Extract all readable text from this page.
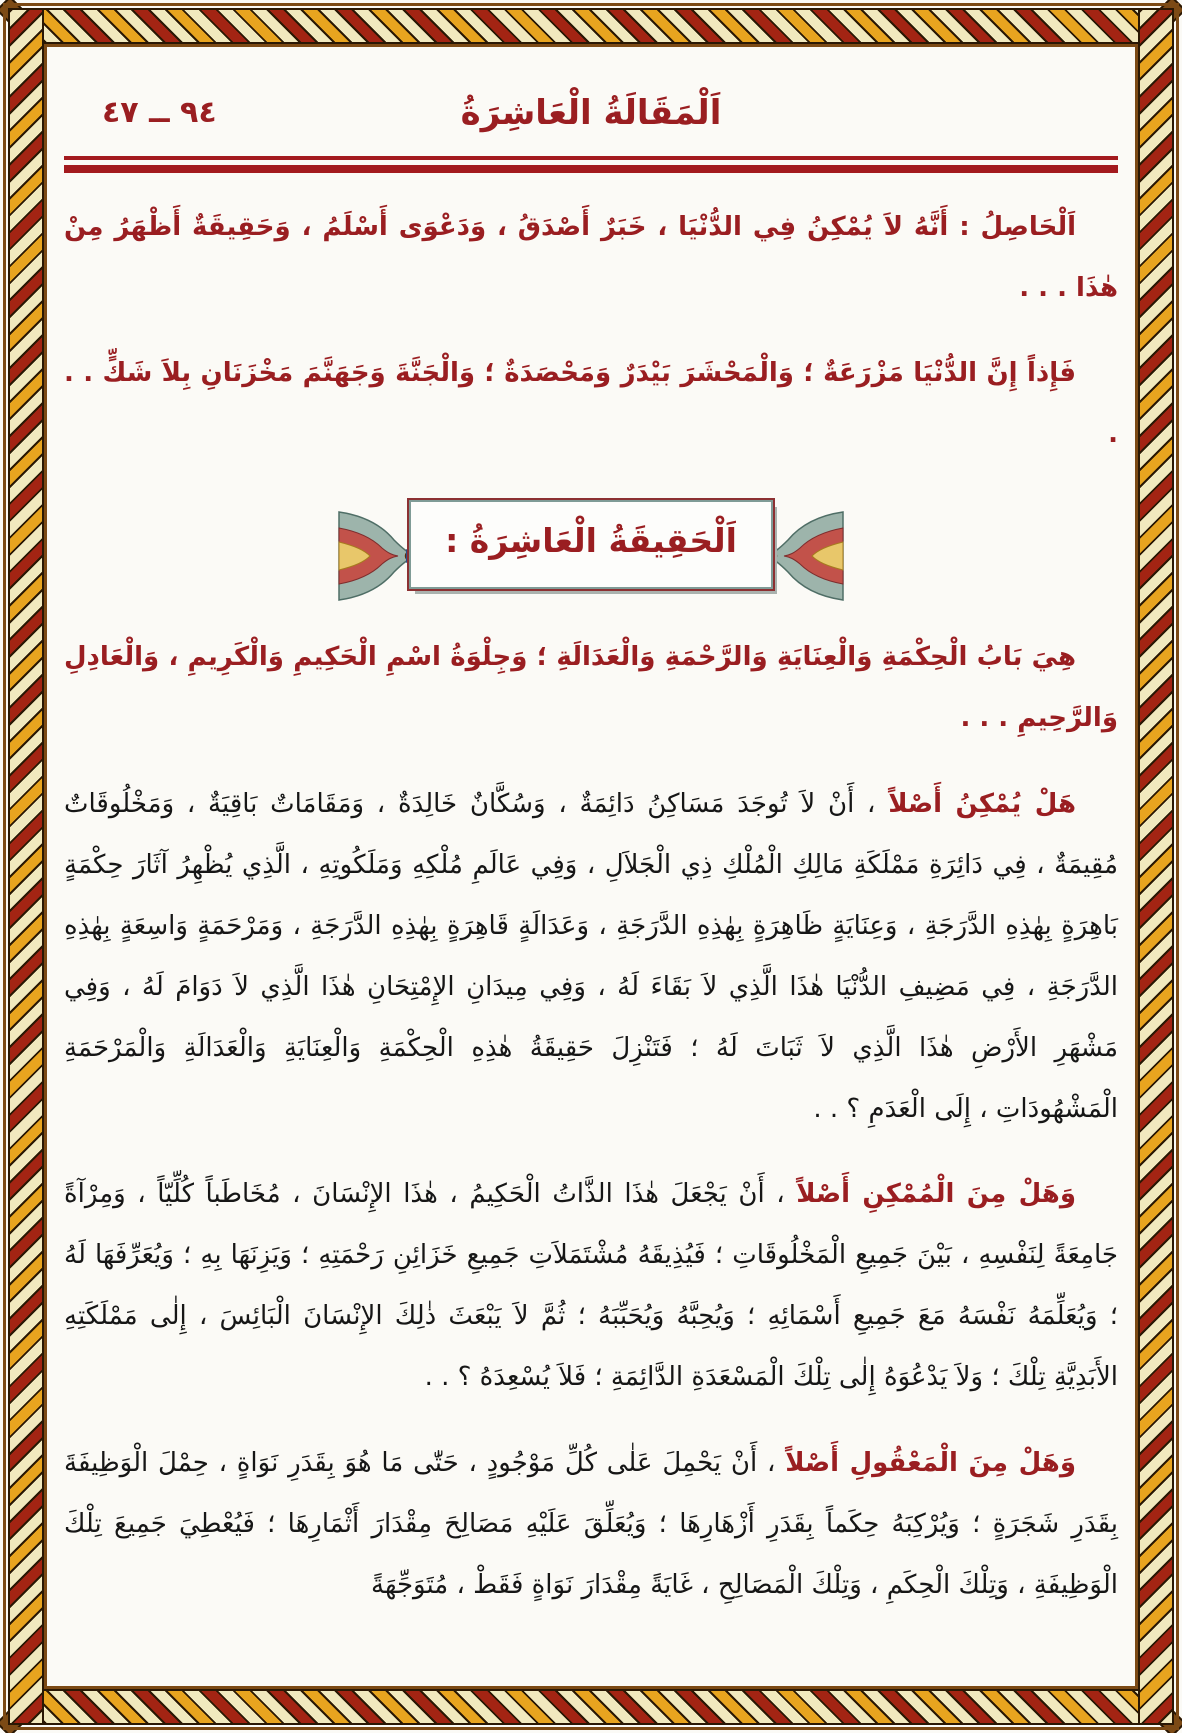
٩٤ ــ ٤٧	اَلْمَقَالَةُ الْعَاشِرَةُ

اَلْحَاصِلُ : أَنَّهُ لاَ يُمْكِنُ فِي الدُّنْيَا ، خَبَرٌ أَصْدَقُ ، وَدَعْوَى أَسْلَمُ ، وَحَقِيقَةٌ أَظْهَرُ مِنْ هٰذَا . . .

فَإِذاً إِنَّ الدُّنْيَا مَزْرَعَةٌ ؛ وَالْمَحْشَرَ بَيْدَرٌ وَمَحْصَدَةٌ ؛ وَالْجَنَّةَ وَجَهَنَّمَ مَخْزَنَانِ بِلاَ شَكٍّ . . .

اَلْحَقِيقَةُ الْعَاشِرَةُ :

هِيَ بَابُ الْحِكْمَةِ وَالْعِنَايَةِ وَالرَّحْمَةِ وَالْعَدَالَةِ ؛ وَجِلْوَةُ اسْمِ الْحَكِيمِ وَالْكَرِيمِ ، وَالْعَادِلِ وَالرَّحِيمِ . . .

هَلْ يُمْكِنُ أَصْلاً ، أَنْ لاَ تُوجَدَ مَسَاكِنُ دَائِمَةٌ ، وَسُكَّانٌ خَالِدَةٌ ، وَمَقَامَاتٌ بَاقِيَةٌ ، وَمَخْلُوقَاتٌ مُقِيمَةٌ ، فِي دَائِرَةِ مَمْلَكَةِ مَالِكِ الْمُلْكِ ذِي الْجَلاَلِ ، وَفِي عَالَمِ مُلْكِهِ وَمَلَكُوتِهِ ، الَّذِي يُظْهِرُ آثَارَ حِكْمَةٍ بَاهِرَةٍ بِهٰذِهِ الدَّرَجَةِ ، وَعِنَايَةٍ ظَاهِرَةٍ بِهٰذِهِ الدَّرَجَةِ ، وَعَدَالَةٍ قَاهِرَةٍ بِهٰذِهِ الدَّرَجَةِ ، وَمَرْحَمَةٍ وَاسِعَةٍ بِهٰذِهِ الدَّرَجَةِ ، فِي مَضِيفِ الدُّنْيَا هٰذَا الَّذِي لاَ بَقَاءَ لَهُ ، وَفِي مِيدَانِ الإِمْتِحَانِ هٰذَا الَّذِي لاَ دَوَامَ لَهُ ، وَفِي مَشْهَرِ الأَرْضِ هٰذَا الَّذِي لاَ ثَبَاتَ لَهُ ؛ فَتَنْزِلَ حَقِيقَةُ هٰذِهِ الْحِكْمَةِ وَالْعِنَايَةِ وَالْعَدَالَةِ وَالْمَرْحَمَةِ الْمَشْهُودَاتِ ، إِلَى الْعَدَمِ ؟ . .

وَهَلْ مِنَ الْمُمْكِنِ أَصْلاً ، أَنْ يَجْعَلَ هٰذَا الذَّاتُ الْحَكِيمُ ، هٰذَا الإِنْسَانَ ، مُخَاطَباً كُلِّيّاً ، وَمِرْآةً جَامِعَةً لِنَفْسِهِ ، بَيْنَ جَمِيعِ الْمَخْلُوقَاتِ ؛ فَيُذِيقَهُ مُشْتَمَلاَتِ جَمِيعِ خَزَائِنِ رَحْمَتِهِ ؛ وَيَزِنَهَا بِهِ ؛ وَيُعَرِّفَهَا لَهُ ؛ وَيُعَلِّمَهُ نَفْسَهُ مَعَ جَمِيعِ أَسْمَائِهِ ؛ وَيُحِبَّهُ وَيُحَبِّبَهُ ؛ ثُمَّ لاَ يَبْعَثَ ذٰلِكَ الإِنْسَانَ الْبَائِسَ ، إِلٰى مَمْلَكَتِهِ الأَبَدِيَّةِ تِلْكَ ؛ وَلاَ يَدْعُوَهُ إِلٰى تِلْكَ الْمَسْعَدَةِ الدَّائِمَةِ ؛ فَلاَ يُسْعِدَهُ ؟ . .

وَهَلْ مِنَ الْمَعْقُولِ أَصْلاً ، أَنْ يَحْمِلَ عَلٰى كُلِّ مَوْجُودٍ ، حَتّٰى مَا هُوَ بِقَدَرِ نَوَاةٍ ، حِمْلَ الْوَظِيفَةَ بِقَدَرِ شَجَرَةٍ ؛ وَيُرْكِبَهُ حِكَماً بِقَدَرِ أَزْهَارِهَا ؛ وَيُعَلِّقَ عَلَيْهِ مَصَالِحَ مِقْدَارَ أَثْمَارِهَا ؛ فَيُعْطِيَ جَمِيعَ تِلْكَ الْوَظِيفَةِ ، وَتِلْكَ الْحِكَمِ ، وَتِلْكَ الْمَصَالِحِ ، غَايَةً مِقْدَارَ نَوَاةٍ فَقَطْ ، مُتَوَجِّهَةً
